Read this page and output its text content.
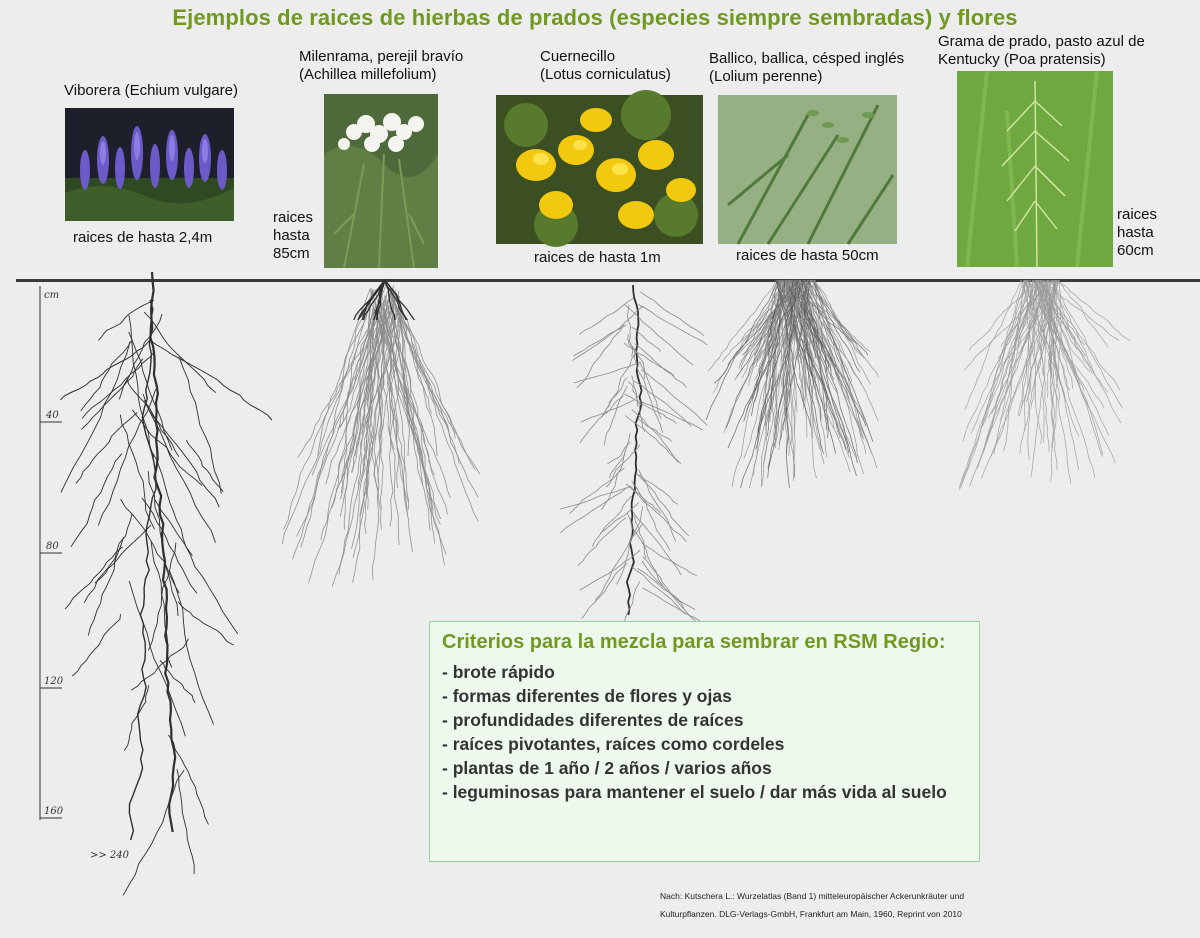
Ejemplos de raices de hierbas de prados (especies siempre sembradas) y flores
Viborera (Echium vulgare)
Milenrama, perejil bravío
(Achillea millefolium)
Cuernecillo
(Lotus corniculatus)
Ballico, ballica, césped inglés
(Lolium perenne)
Grama de prado, pasto azul de
Kentucky (Poa pratensis)
raices de hasta 2,4m
raices
hasta
85cm	raices de hasta 1m	raices de hasta 50cm
raices
hasta
60cm
cm
40
80
120
160
>> 240
Criterios para la mezcla para sembrar en RSM Regio:
- brote rápido
- formas diferentes de flores y ojas
- profundidades diferentes de raíces
- raíces pivotantes, raíces como cordeles
- plantas de 1 año / 2 años / varios años
- leguminosas para mantener el suelo / dar más vida al suelo
Nach: Kutschera L.: Wurzelatlas (Band 1) mitteleuropäischer Ackerunkräuter und
Kulturpflanzen. DLG-Verlags-GmbH, Frankfurt am Main, 1960, Reprint von 2010
